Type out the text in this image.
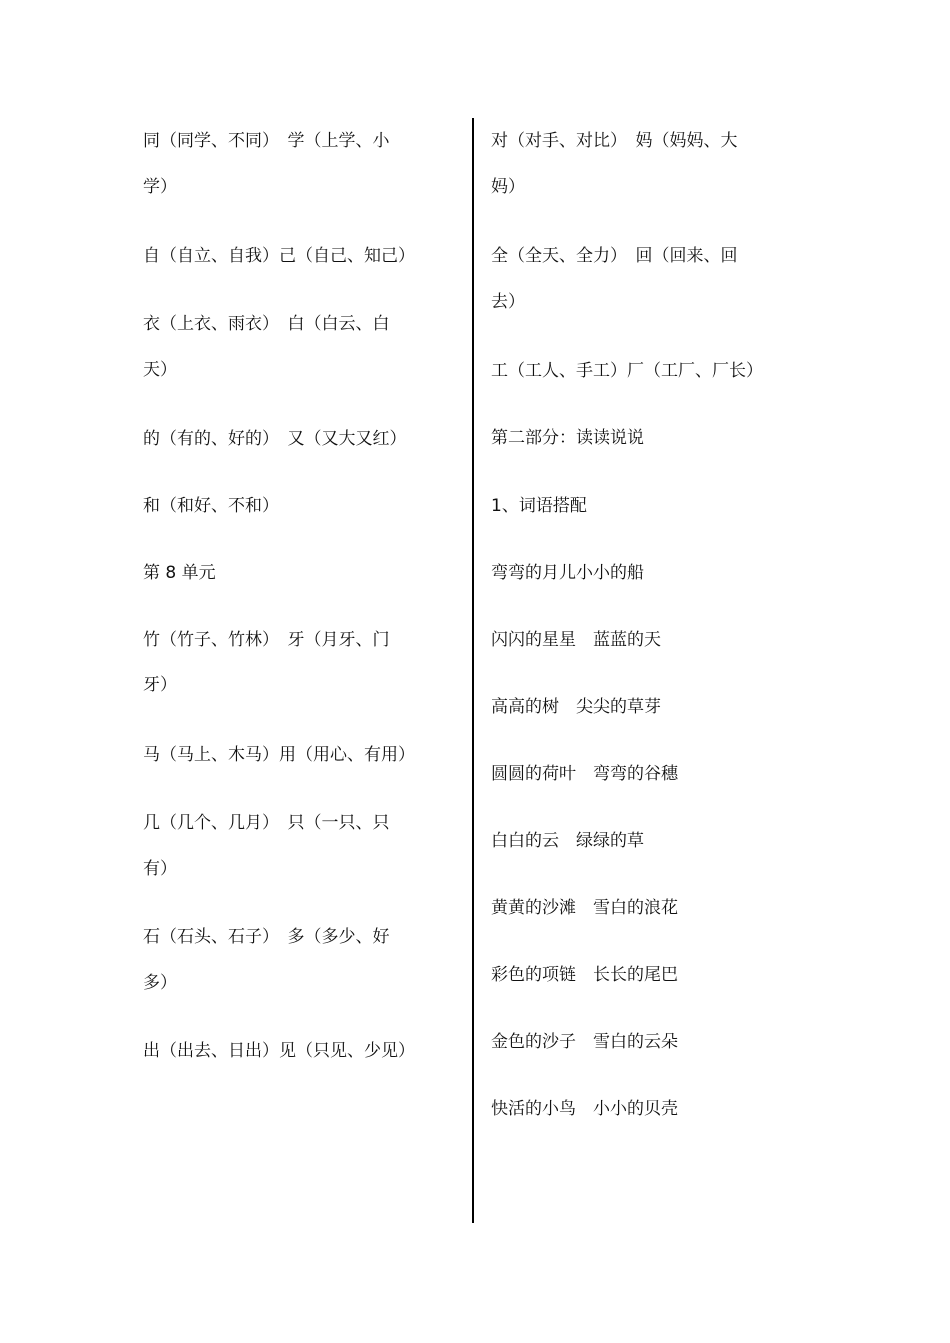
同（同学、不同）　学（上学、小
学）
自（自立、自我）己（自己、知己）
衣（上衣、雨衣）　白（白云、白
天）
的（有的、好的）　又（又大又红）
和（和好、不和）
第 8 单元
竹（竹子、竹林）　牙（月牙、门
牙）
马（马上、木马）用（用心、有用）
几（几个、几月）　只（一只、只
有）
石（石头、石子）　多（多少、好
多）
出（出去、日出）见（只见、少见）
对（对手、对比）　妈（妈妈、大
妈）
全（全天、全力）　回（回来、回
去）
工（工人、手工）厂（工厂、厂长）
第二部分：读读说说
1、词语搭配
弯弯的月儿小小的船
闪闪的星星　蓝蓝的天
高高的树　尖尖的草芽
圆圆的荷叶　弯弯的谷穗
白白的云　绿绿的草
黄黄的沙滩　雪白的浪花
彩色的项链　长长的尾巴
金色的沙子　雪白的云朵
快活的小鸟　小小的贝壳
